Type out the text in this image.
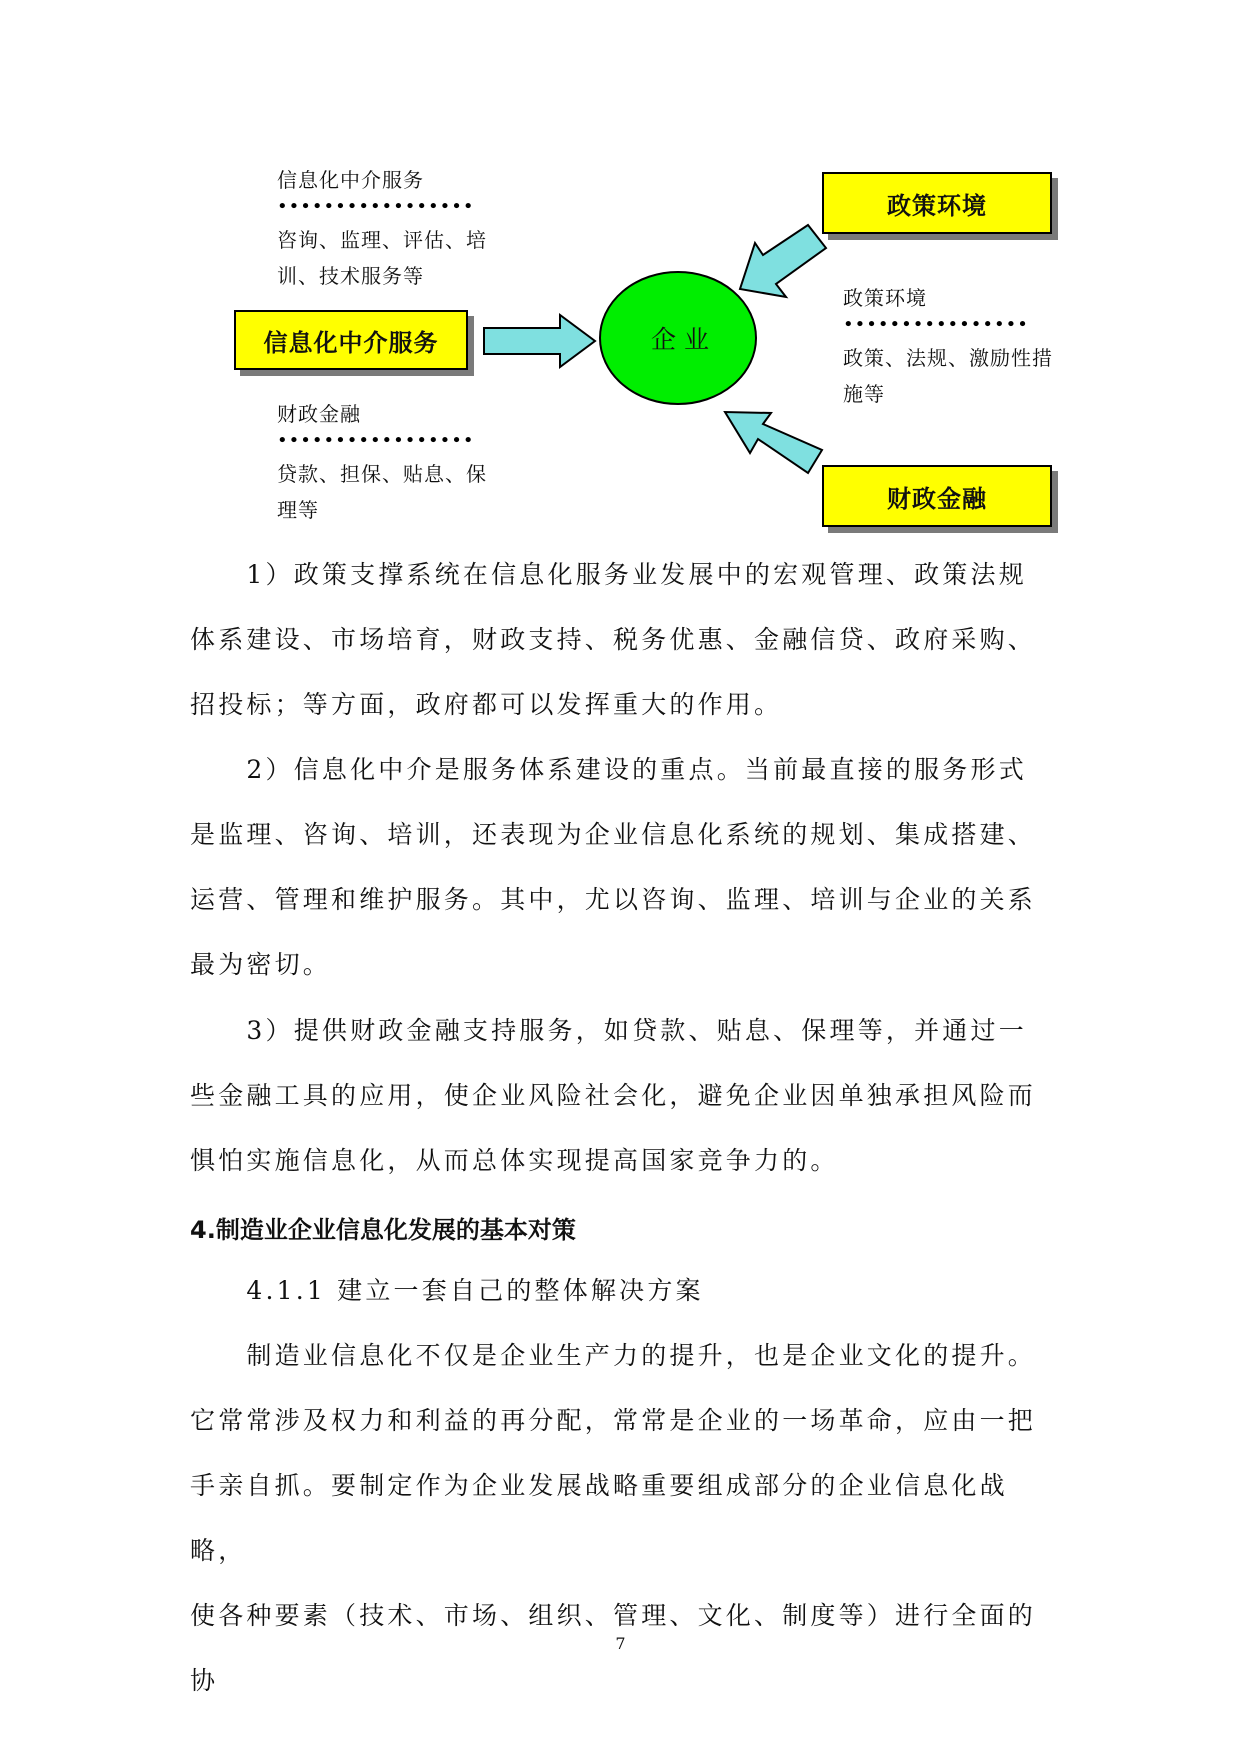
企 业
信息化中介服务
政策环境
财政金融
信息化中介服务
•••••••••••••••••
咨询、监理、评估、培
训、技术服务等
政策环境
••••••••••••••••
政策、法规、激励性措
施等
财政金融
•••••••••••••••••
贷款、担保、贴息、保
理等

　　1）政策支撑系统在信息化服务业发展中的宏观管理、政策法规

体系建设、市场培育，财政支持、税务优惠、金融信贷、政府采购、

招投标；等方面，政府都可以发挥重大的作用。

　　2）信息化中介是服务体系建设的重点。当前最直接的服务形式

是监理、咨询、培训，还表现为企业信息化系统的规划、集成搭建、

运营、管理和维护服务。其中，尤以咨询、监理、培训与企业的关系

最为密切。

　　3）提供财政金融支持服务，如贷款、贴息、保理等，并通过一

些金融工具的应用，使企业风险社会化，避免企业因单独承担风险而

惧怕实施信息化，从而总体实现提高国家竞争力的。

4.制造业企业信息化发展的基本对策

　　4.1.1 建立一套自己的整体解决方案

　　制造业信息化不仅是企业生产力的提升，也是企业文化的提升。

它常常涉及权力和利益的再分配，常常是企业的一场革命，应由一把

手亲自抓。要制定作为企业发展战略重要组成部分的企业信息化战略，

使各种要素（技术、市场、组织、管理、文化、制度等）进行全面的协

7
